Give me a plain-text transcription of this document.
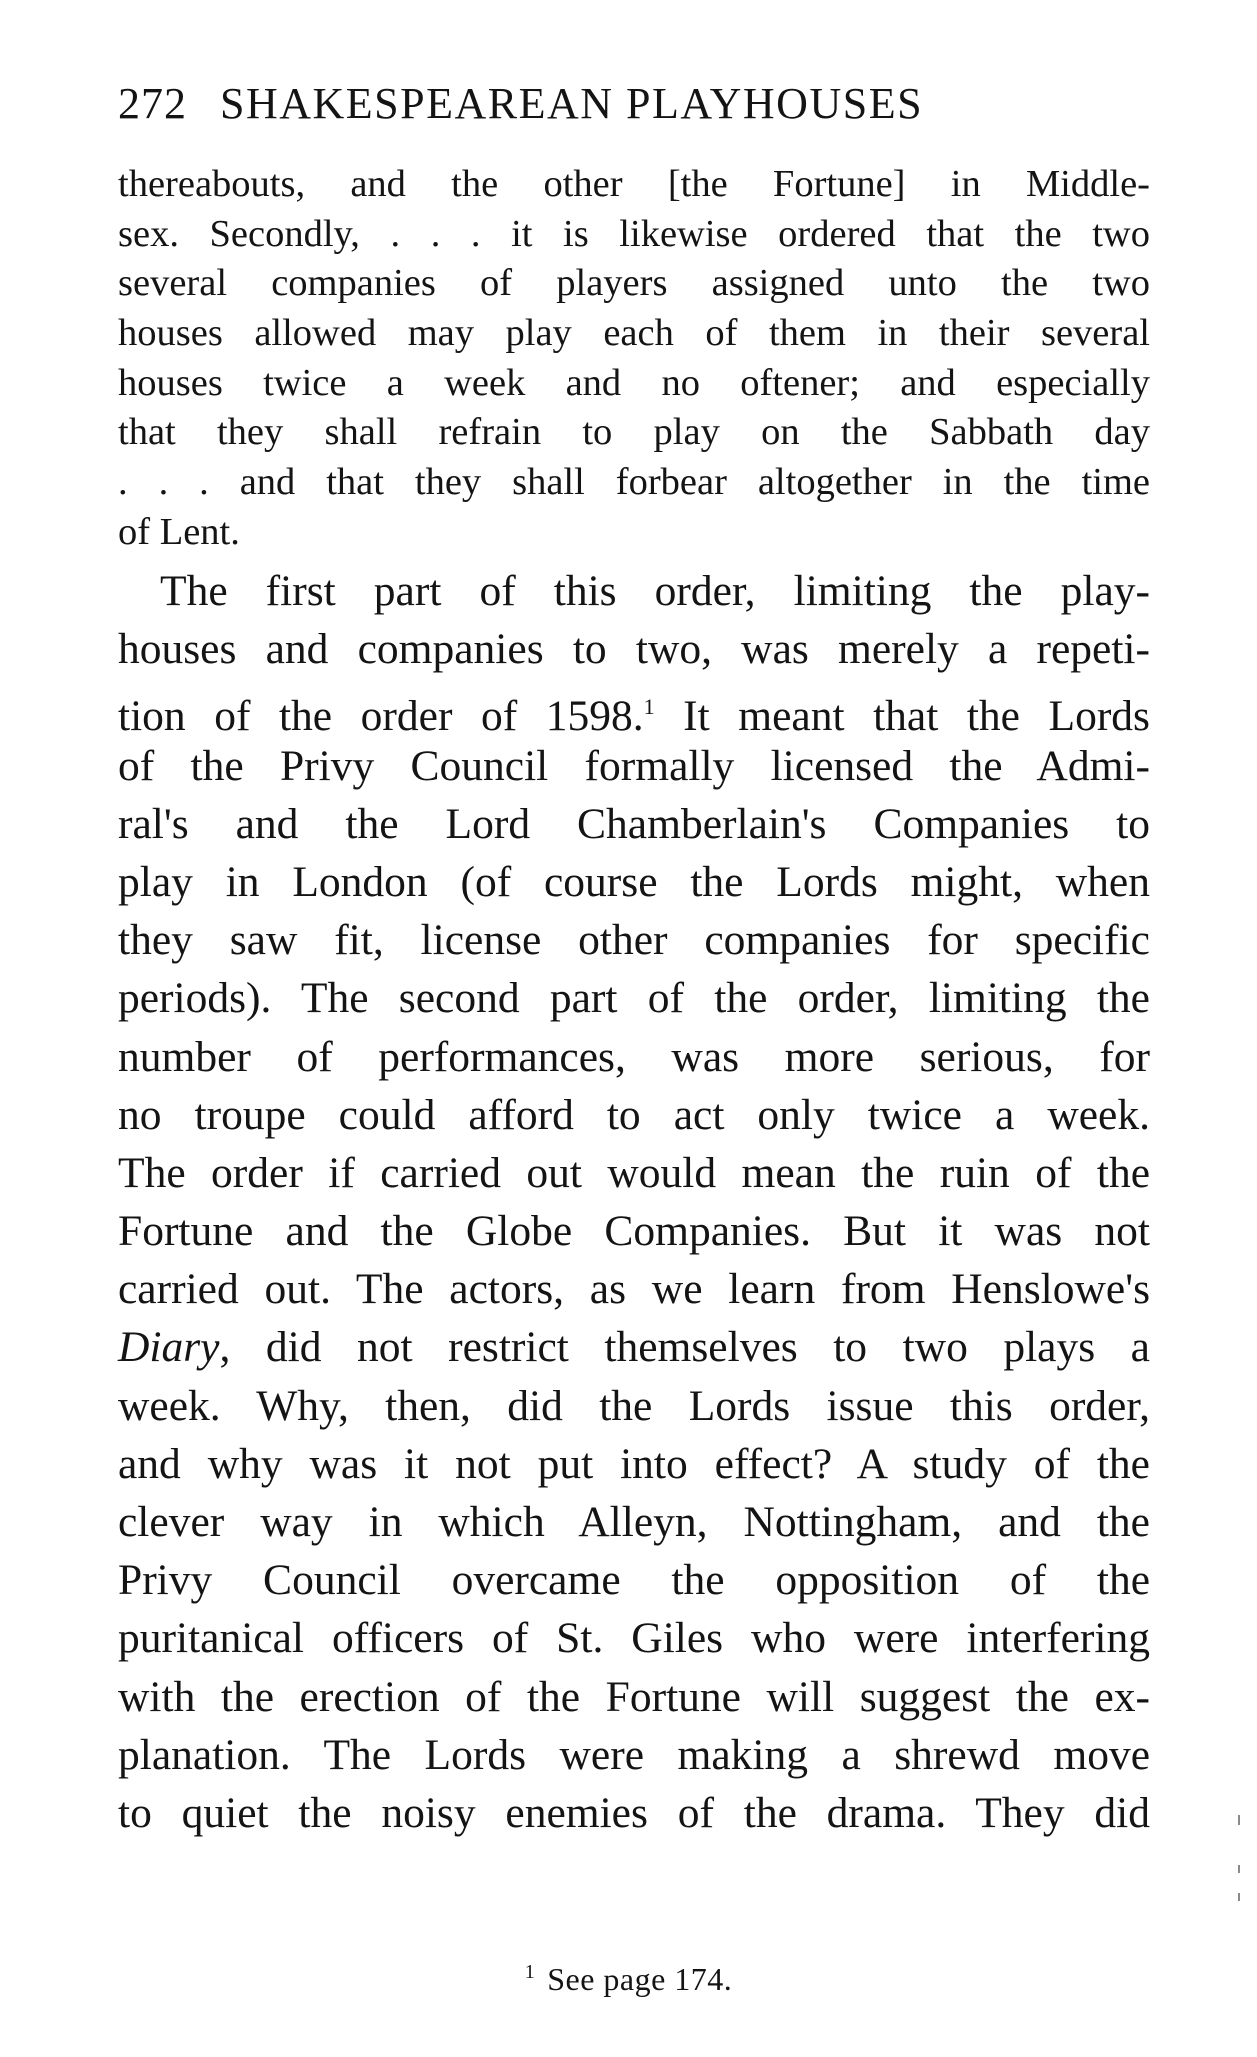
272 SHAKESPEAREAN PLAYHOUSES
thereabouts, and the other [the Fortune] in Middle-
sex. Secondly, . . . it is likewise ordered that the two
several companies of players assigned unto the two
houses allowed may play each of them in their several
houses twice a week and no oftener; and especially
that they shall refrain to play on the Sabbath day
. . . and that they shall forbear altogether in the time
of Lent.
The first part of this order, limiting the play-
houses and companies to two, was merely a repeti-
tion of the order of 1598.$^1$ It meant that the Lords
of the Privy Council formally licensed the Admi-
ral's and the Lord Chamberlain's Companies to
play in London (of course the Lords might, when
they saw fit, license other companies for specific
periods). The second part of the order, limiting the
number of performances, was more serious, for
no troupe could afford to act only twice a week.
The order if carried out would mean the ruin of the
Fortune and the Globe Companies. But it was not
carried out. The actors, as we learn from Henslowe's
Diary, did not restrict themselves to two plays a
week. Why, then, did the Lords issue this order,
and why was it not put into effect? A study of the
clever way in which Alleyn, Nottingham, and the
Privy Council overcame the opposition of the
puritanical officers of St. Giles who were interfering
with the erection of the Fortune will suggest the ex-
planation. The Lords were making a shrewd move
to quiet the noisy enemies of the drama. They did
$^1$ See page 174.
